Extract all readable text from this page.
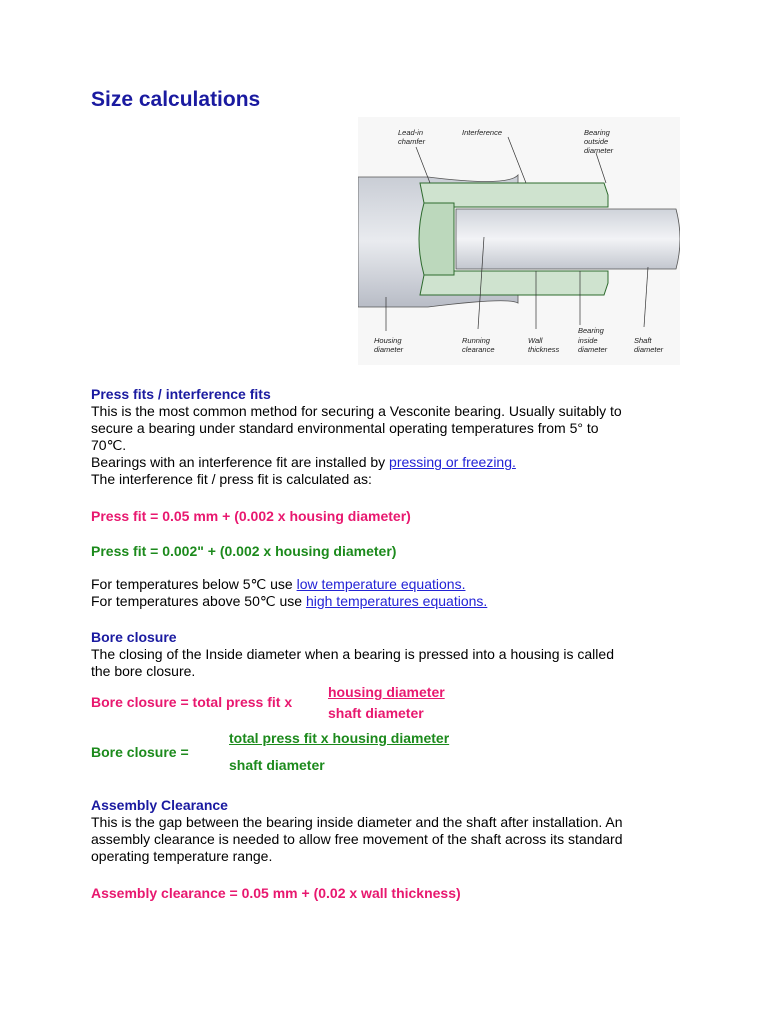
Size calculations
Lead-in
chamfer
Interference	Bearing
outside
diameter
Housing
diameter
Running
clearance
Wall
thickness
Bearing
inside
diameter
Shaft
diameter
Press fits / interference fits
This is the most common method for securing a Vesconite bearing. Usually suitably to
secure a bearing under standard environmental operating temperatures from 5° to
70℃.
Bearings with an interference fit are installed by pressing or freezing.
The interference fit / press fit is calculated as:
Press fit = 0.05 mm + (0.002 x housing diameter)
Press fit = 0.002" + (0.002 x housing diameter)
For temperatures below 5℃ use low temperature equations.
For temperatures above 50℃ use high temperatures equations.
Bore closure
The closing of the Inside diameter when a bearing is pressed into a housing is called
the bore closure.
Bore closure = total press fit x
housing diameter
shaft diameter
Bore closure =
total press fit x housing diameter
shaft diameter
Assembly Clearance
This is the gap between the bearing inside diameter and the shaft after installation. An
assembly clearance is needed to allow free movement of the shaft across its standard
operating temperature range.
Assembly clearance = 0.05 mm + (0.02 x wall thickness)
